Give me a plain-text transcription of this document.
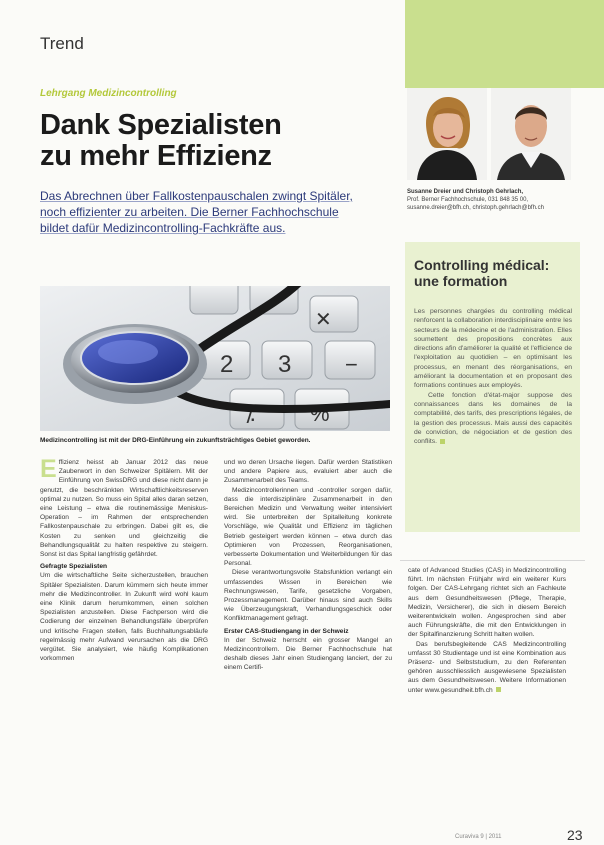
Trend
Lehrgang Medizincontrolling
Dank Spezialisten
zu mehr Effizienz
Das Abrechnen über Fallkostenpauschalen zwingt Spitäler,
noch effizienter zu arbeiten. Die Berner Fachhochschule
bildet dafür Medizincontrolling-Fachkräfte aus.
✕
2 3 −
⁒	%
Medizincontrolling ist mit der DRG-Einführung ein zukunftsträchtiges Gebiet geworden.

Effizienz heisst ab Januar 2012 das neue Zauberwort in den Schweizer Spitälern. Mit der Einführung von SwissDRG und diese nicht dann je genutzt, die beschränkten Wirtschaftlichkeitsreserven optimal zu nutzen. So muss ein Spital alles daran setzen, eine Leistung – etwa die routinemässige Meniskus-Operation – im Rahmen der entsprechenden Fallkostenpauschale zu erbringen. Dabei gilt es, die Kosten zu senken und gleichzeitig die Behandlungsqualität zu halten respektive zu steigern. Sonst ist das Spital langfristig gefährdet.

Gefragte Spezialisten

Um die wirtschaftliche Seite sicherzustellen, brauchen Spitäler Spezialisten. Darum kümmern sich heute immer mehr die Medizincontroller. In Zukunft wird wohl kaum eine Klinik darum herumkommen, einen solchen Spezialisten anzustellen. Diese Fachperson wird die Codierung der einzelnen Behandlungsfälle überprüfen und kritische Fragen stellen, falls Buchhaltungsabläufe regelmässig mehr Aufwand verursachen als die DRG vergütet. Sie analysiert, wie häufig Komplikationen vorkommen

und wo deren Ursache liegen. Dafür werden Statistiken und andere Papiere aus, evaluiert aber auch die Zusammenarbeit des Teams.

Medizincontrollerinnen und -controller sorgen dafür, dass die interdisziplinäre Zusammenarbeit in den Bereichen Medizin und Verwaltung weiter intensiviert wird. Sie unterbreiten der Spitalleitung konkrete Vorschläge, wie Qualität und Effizienz im täglichen Betrieb gesteigert werden können – etwa durch das Optimieren von Prozessen, Reorganisationen, verbesserte Dokumentation und Weiterbildungen für das Personal.

Diese verantwortungsvolle Stabsfunktion verlangt ein umfassendes Wissen in Bereichen wie Rechnungswesen, Tarife, gesetzliche Vorgaben, Prozessmanagement. Darüber hinaus sind auch Skills wie Überzeugungskraft, Verhandlungsgeschick oder Konfliktmanagement gefragt.

Erster CAS-Studiengang in der Schweiz

In der Schweiz herrscht ein grosser Mangel an Medizincontrollern. Die Berner Fachhochschule hat deshalb dieses Jahr einen Studiengang lanciert, der zu einem Certifi-

Susanne Dreier und Christoph Gehrlach,
Prof. Berner Fachhochschule, 031 848 35 00,
susanne.dreier@bfh.ch, christoph.gehrlach@bfh.ch
Controlling médical:
une formation

Les personnes chargées du controlling médical renforcent la collaboration interdisciplinaire entre les secteurs de la médecine et de l'administration. Elles soumettent des propositions concrètes aux directions afin d'améliorer la qualité et l'efficience de l'exploitation au quotidien – en optimisant les processus, en menant des réorganisations, en améliorant la documentation et en proposant des formations continues aux employés.

Cette fonction d'état-major suppose des connaissances dans les domaines de la comptabilité, des tarifs, des prescriptions légales, de la gestion des processus. Mais aussi des capacités de conviction, de négociation et de gestion des conflits.

cate of Advanced Studies (CAS) in Medizincontrolling führt. Im nächsten Frühjahr wird ein weiterer Kurs folgen. Der CAS-Lehrgang richtet sich an Fachleute aus dem Gesundheitswesen (Pflege, Therapie, Medizin, Versicherer), die sich in diesem Bereich weiterentwickeln wollen. Angesprochen sind aber auch Führungskräfte, die mit den Entwicklungen in der Spitalfinanzierung Schritt halten wollen.

Das berufsbegleitende CAS Medizincontrolling umfasst 30 Studientage und ist eine Kombination aus Präsenz- und Selbststudium, zu den Referenten gehören ausschliesslich ausgewiesene Spezialisten aus dem Gesundheitswesen. Weitere Informationen unter www.gesundheit.bfh.ch

Curaviva 9 | 2011	23
